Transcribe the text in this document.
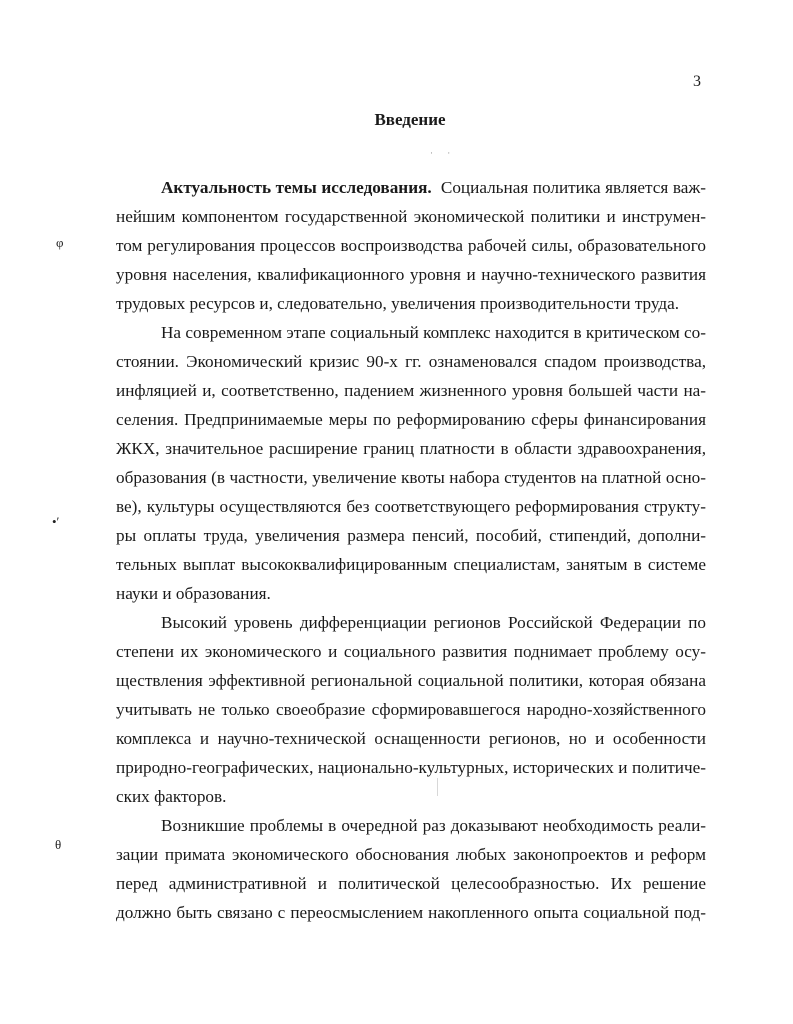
3
Введение
· ·
φ
•′
θ
Актуальность темы исследования. Социальная политика является важ-
нейшим компонентом государственной экономической политики и инструмен-
том регулирования процессов воспроизводства рабочей силы, образовательного
уровня населения, квалификационного уровня и научно-технического развития
трудовых ресурсов и, следовательно, увеличения производительности труда.
На современном этапе социальный комплекс находится в критическом со-
стоянии. Экономический кризис 90-х гг. ознаменовался спадом производства,
инфляцией и, соответственно, падением жизненного уровня большей части на-
селения. Предпринимаемые меры по реформированию сферы финансирования
ЖКХ, значительное расширение границ платности в области здравоохранения,
образования (в частности, увеличение квоты набора студентов на платной осно-
ве), культуры осуществляются без соответствующего реформирования структу-
ры оплаты труда, увеличения размера пенсий, пособий, стипендий, дополни-
тельных выплат высококвалифицированным специалистам, занятым в системе
науки и образования.
Высокий уровень дифференциации регионов Российской Федерации по
степени их экономического и социального развития поднимает проблему осу-
ществления эффективной региональной социальной политики, которая обязана
учитывать не только своеобразие сформировавшегося народно-хозяйственного
комплекса и научно-технической оснащенности регионов, но и особенности
природно-географических, национально-культурных, исторических и политиче-
ских факторов.
Возникшие проблемы в очередной раз доказывают необходимость реали-
зации примата экономического обоснования любых законопроектов и реформ
перед административной и политической целесообразностью. Их решение
должно быть связано с переосмыслением накопленного опыта социальной под-
